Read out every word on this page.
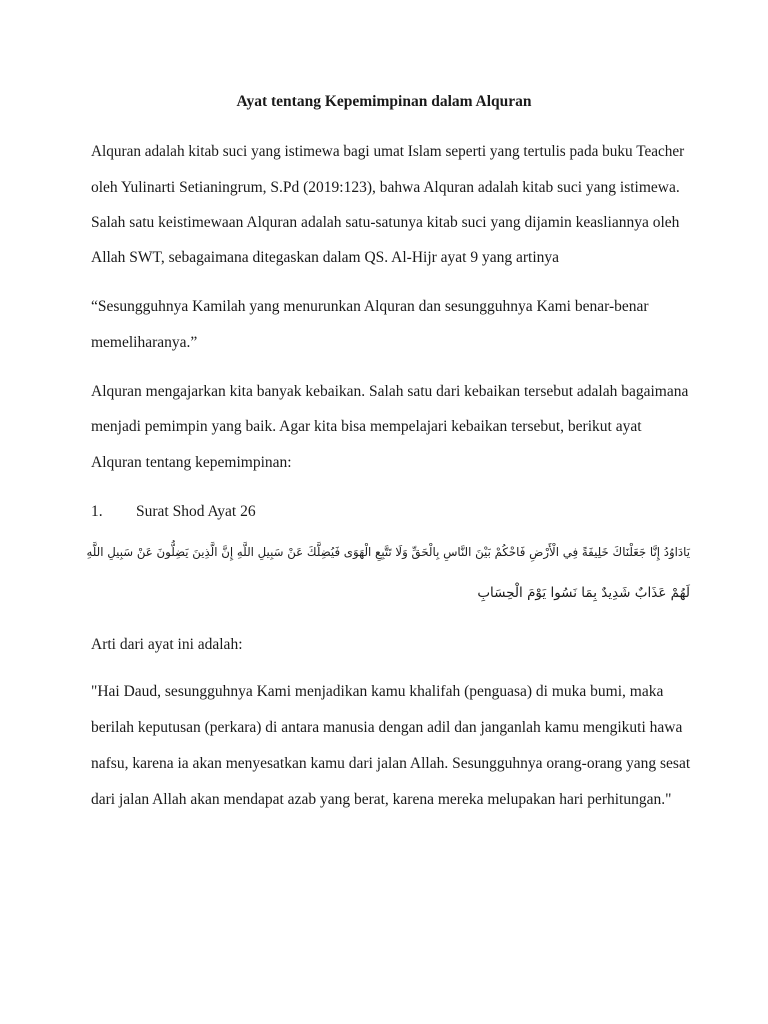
Ayat tentang Kepemimpinan dalam Alquran
Alquran adalah kitab suci yang istimewa bagi umat Islam seperti yang tertulis pada buku Teacher
oleh Yulinarti Setianingrum, S.Pd (2019:123), bahwa Alquran adalah kitab suci yang istimewa.
Salah satu keistimewaan Alquran adalah satu-satunya kitab suci yang dijamin keasliannya oleh
Allah SWT, sebagaimana ditegaskan dalam QS. Al-Hijr ayat 9 yang artinya
“Sesungguhnya Kamilah yang menurunkan Alquran dan sesungguhnya Kami benar-benar
memeliharanya.”
Alquran mengajarkan kita banyak kebaikan. Salah satu dari kebaikan tersebut adalah bagaimana
menjadi pemimpin yang baik. Agar kita bisa mempelajari kebaikan tersebut, berikut ayat
Alquran tentang kepemimpinan:
1. Surat Shod Ayat 26
يَادَاوُدُ إِنَّا جَعَلْنَاكَ خَلِيفَةً فِي الْأَرْضِ فَاحْكُمْ بَيْنَ النَّاسِ بِالْحَقِّ وَلَا تَتَّبِعِ الْهَوَى فَيُضِلَّكَ عَنْ سَبِيلِ اللَّهِ إِنَّ الَّذِينَ يَضِلُّونَ عَنْ سَبِيلِ اللَّهِ
لَهُمْ عَذَابٌ شَدِيدٌ بِمَا نَسُوا يَوْمَ الْحِسَابِ
Arti dari ayat ini adalah:
"Hai Daud, sesungguhnya Kami menjadikan kamu khalifah (penguasa) di muka bumi, maka
berilah keputusan (perkara) di antara manusia dengan adil dan janganlah kamu mengikuti hawa
nafsu, karena ia akan menyesatkan kamu dari jalan Allah. Sesungguhnya orang-orang yang sesat
dari jalan Allah akan mendapat azab yang berat, karena mereka melupakan hari perhitungan."
